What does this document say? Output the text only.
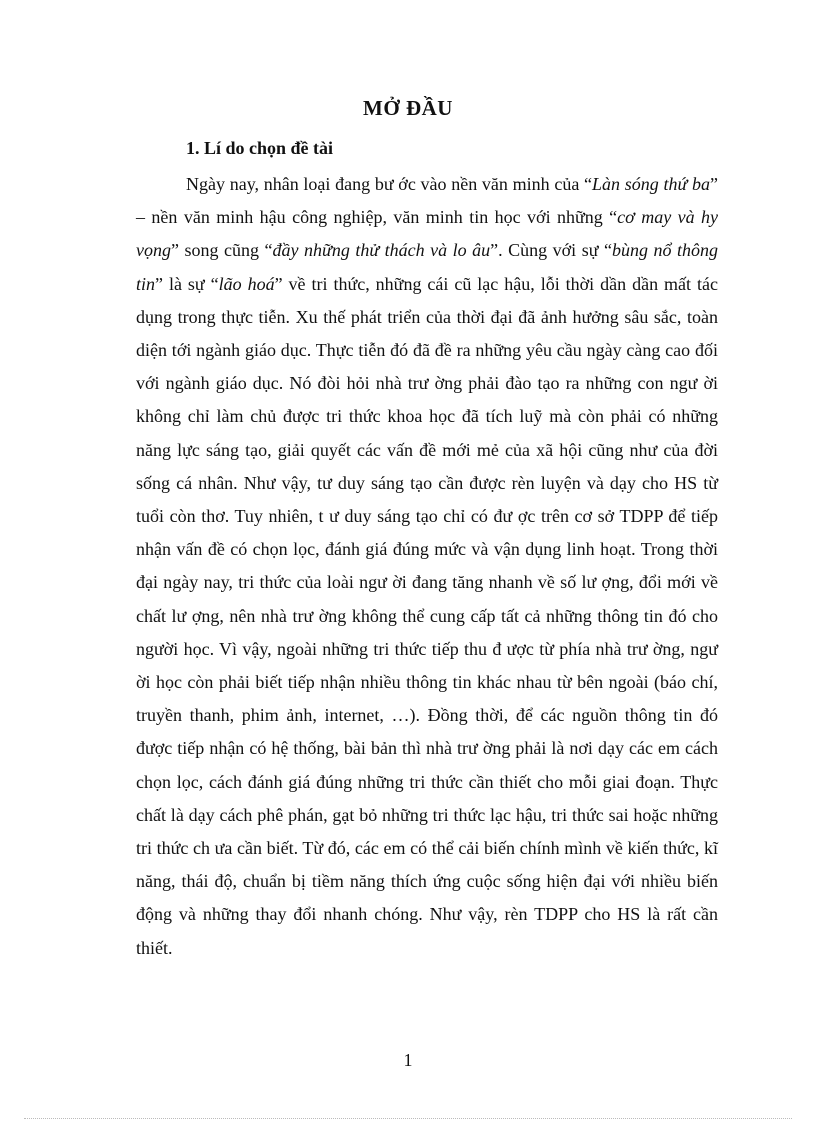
MỞ ĐẦU
1. Lí do chọn đề tài

Ngày nay, nhân loại đang bư ớc vào nền văn minh của “Làn sóng thứ ba” – nền văn minh hậu công nghiệp, văn minh tin học với những “cơ may và hy vọng” song cũng “đầy những thử thách và lo âu”. Cùng với sự “bùng nổ thông tin” là sự “lão hoá” về tri thức, những cái cũ lạc hậu, lỗi thời dần dần mất tác dụng trong thực tiễn. Xu thế phát triển của thời đại đã ảnh hưởng sâu sắc, toàn diện tới ngành giáo dục. Thực tiễn đó đã đề ra những yêu cầu ngày càng cao đối với ngành giáo dục. Nó đòi hỏi nhà trư ờng phải đào tạo ra những con ngư ời không chỉ làm chủ được tri thức khoa học đã tích luỹ mà còn phải có những năng lực sáng tạo, giải quyết các vấn đề mới mẻ của xã hội cũng như của đời sống cá nhân. Như vậy, tư duy sáng tạo cần được rèn luyện và dạy cho HS từ tuổi còn thơ. Tuy nhiên, t ư duy sáng tạo chỉ có đư ợc trên cơ sở TDPP để tiếp nhận vấn đề có chọn lọc, đánh giá đúng mức và vận dụng linh hoạt. Trong thời đại ngày nay, tri thức của loài ngư ời đang tăng nhanh về số lư ợng, đổi mới về chất lư ợng, nên nhà trư ờng không thể cung cấp tất cả những thông tin đó cho người học. Vì vậy, ngoài những tri thức tiếp thu đ ược từ phía nhà trư ờng, ngư ời học còn phải biết tiếp nhận nhiều thông tin khác nhau từ bên ngoài (báo chí, truyền thanh, phim ảnh, internet, …). Đồng thời, để các nguồn thông tin đó được tiếp nhận có hệ thống, bài bản thì nhà trư ờng phải là nơi dạy các em cách chọn lọc, cách đánh giá đúng những tri thức cần thiết cho mỗi giai đoạn. Thực chất là dạy cách phê phán, gạt bỏ những tri thức lạc hậu, tri thức sai hoặc những tri thức ch ưa cần biết. Từ đó, các em có thể cải biến chính mình về kiến thức, kĩ năng, thái độ, chuẩn bị tiềm năng thích ứng cuộc sống hiện đại với nhiều biến động và những thay đổi nhanh chóng. Như vậy, rèn TDPP cho HS là rất cần thiết.

1
